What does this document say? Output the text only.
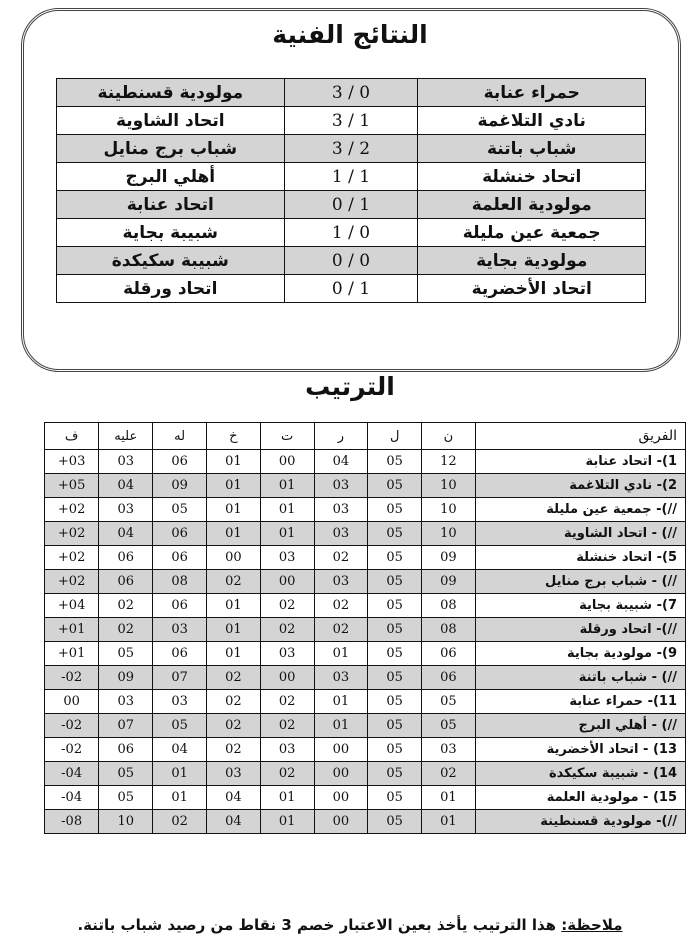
النتائج الفنية
حمراء عنابة	0 / 3	مولودية قسنطينة
نادي التلاغمة	1 / 3	اتحاد الشاوية
شباب باتنة	2 / 3	شباب برج منايل
اتحاد خنشلة	1 / 1	أهلي البرج
مولودية العلمة	1 / 0	اتحاد عنابة
جمعية عين مليلة	0 / 1	شبيبة بجاية
مولودية بجاية	0 / 0	شبيبة سكيكدة
اتحاد الأخضرية	1 / 0	اتحاد ورقلة
الترتيب
الفريق	ن	ل	ر	ت	خ	له	عليه	ف
1)- اتحاد عنابة	12	05	04	00	01	06	03	03+
2)- نادي التلاغمة	10	05	03	01	01	09	04	05+
//)- جمعية عين مليلة	10	05	03	01	01	05	03	02+
//) - اتحاد الشاوية	10	05	03	01	01	06	04	02+
5)- اتحاد خنشلة	09	05	02	03	00	06	06	02+
//) - شباب برج منايل	09	05	03	00	02	08	06	02+
7)- شبيبة بجاية	08	05	02	02	01	06	02	04+
//)- اتحاد ورقلة	08	05	02	02	01	03	02	01+
9)- مولودية بجاية	06	05	01	03	01	06	05	01+
//) - شباب باتنة	06	05	03	00	02	07	09	02-
11)- حمراء عنابة	05	05	01	02	02	03	03	00
//) - أهلي البرج	05	05	01	02	02	05	07	02-
13) - اتحاد الأخضرية	03	05	00	03	02	04	06	02-
14) - شبيبة سكيكدة	02	05	00	02	03	01	05	04-
15) - مولودية العلمة	01	05	00	01	04	01	05	04-
//)- مولودية قسنطينة	01	05	00	01	04	02	10	08-
ملاحظة: هذا الترتيب يأخذ بعين الاعتبار خصم 3 نقاط من رصيد شباب باتنة.
